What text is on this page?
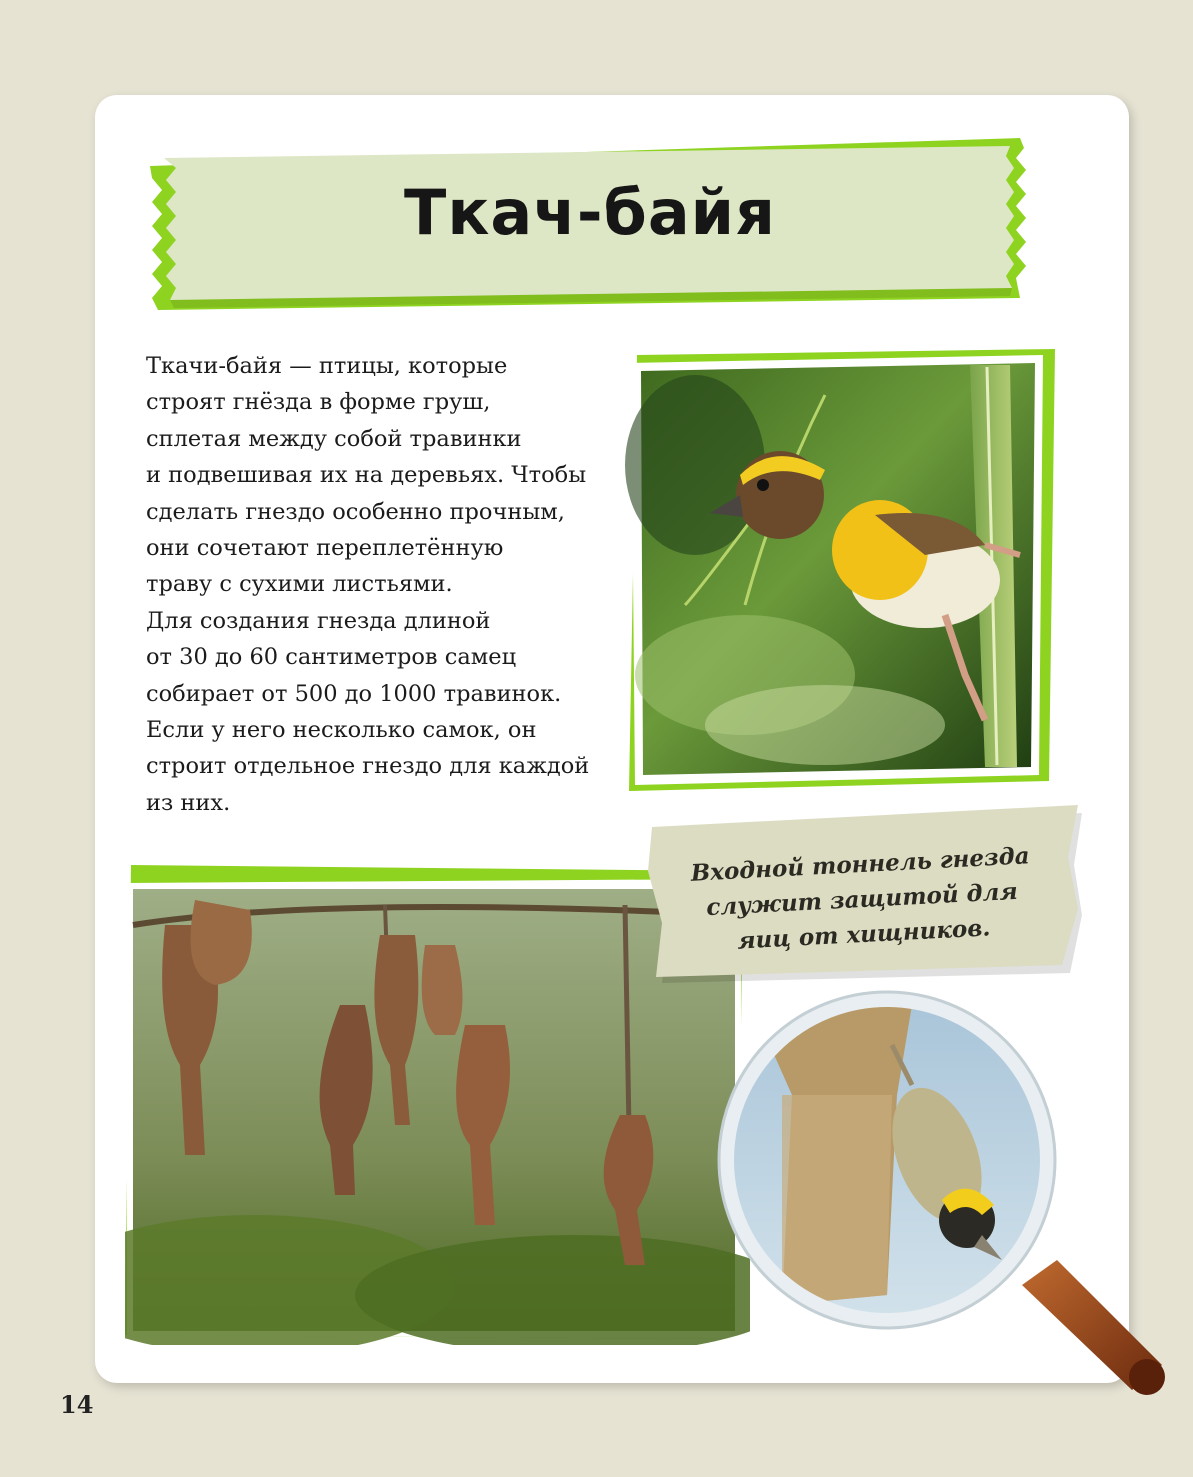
Ткач-байя
Ткачи-байя — птицы, которые
строят гнёзда в форме груш,
сплетая между собой травинки
и подвешивая их на деревьях. Чтобы
сделать гнездо особенно прочным,
они сочетают переплетённую
траву с сухими листьями.
Для создания гнезда длиной
от 30 до 60 сантиметров самец
собирает от 500 до 1000 травинок.
Если у него несколько самок, он
строит отдельное гнездо для каждой
из них.
Входной тоннель гнезда
служит защитой для
яиц от хищников.
14
